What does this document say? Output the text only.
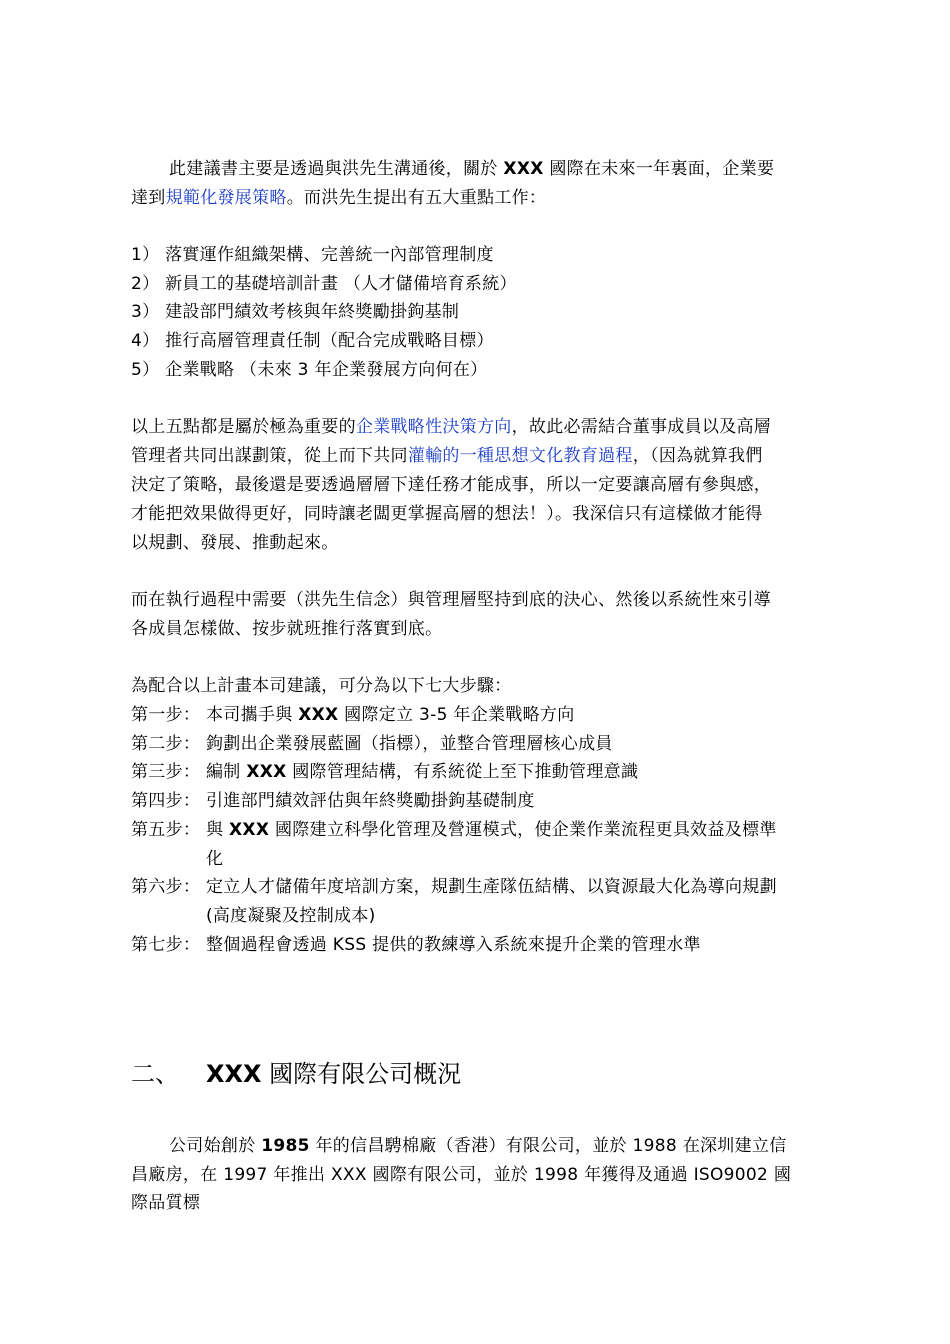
此建議書主要是透過與洪先生溝通後，關於 XXX 國際在未來一年裏面，企業要
達到規範化發展策略。而洪先生提出有五大重點工作：
1） 落實運作組織架構、完善統一內部管理制度
2） 新員工的基礎培訓計畫 （人才儲備培育系統）
3） 建設部門績效考核與年終獎勵掛鉤基制
4） 推行高層管理責任制（配合完成戰略目標）
5） 企業戰略 （未來 3 年企業發展方向何在）
以上五點都是屬於極為重要的企業戰略性決策方向，故此必需結合董事成員以及高層
管理者共同出謀劃策，從上而下共同灌輸的一種思想文化教育過程，（因為就算我們
決定了策略，最後還是要透過層層下達任務才能成事，所以一定要讓高層有參與感，
才能把效果做得更好，同時讓老闆更掌握高層的想法！）。我深信只有這樣做才能得
以規劃、發展、推動起來。
而在執行過程中需要（洪先生信念）與管理層堅持到底的決心、然後以系統性來引導
各成員怎樣做、按步就班推行落實到底。
為配合以上計畫本司建議，可分為以下七大步驟：
第一步： 本司攜手與 XXX 國際定立 3-5 年企業戰略方向
第二步： 鉤劃出企業發展藍圖（指標），並整合管理層核心成員
第三步： 編制 XXX 國際管理結構，有系統從上至下推動管理意識
第四步： 引進部門績效評估與年終獎勵掛鉤基礎制度
第五步： 與 XXX 國際建立科學化管理及營運模式，使企業作業流程更具效益及標準
化
第六步： 定立人才儲備年度培訓方案，規劃生產隊伍結構、以資源最大化為導向規劃
(高度凝聚及控制成本)
第七步： 整個過程會透過 KSS 提供的教練導入系統來提升企業的管理水準
二、 XXX 國際有限公司概況
公司始創於 1985 年的信昌騁棉廠（香港）有限公司，並於 1988 在深圳建立信
昌廠房，在 1997 年推出 XXX 國際有限公司，並於 1998 年獲得及通過 ISO9002 國
際品質標
